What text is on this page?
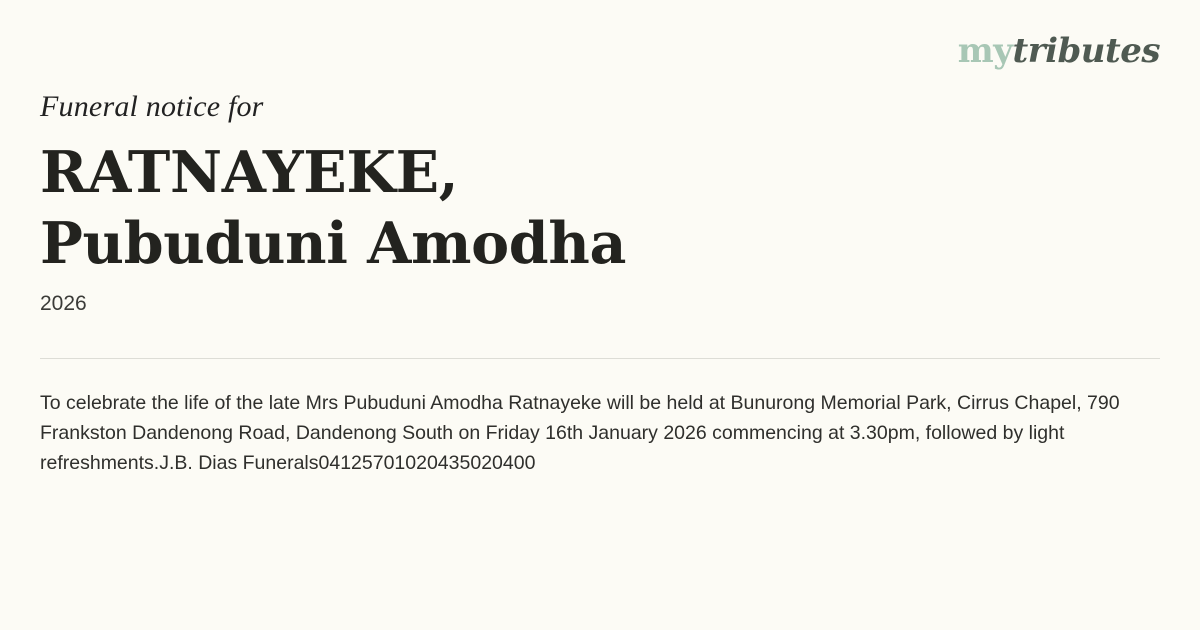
mytributes
Funeral notice for
RATNAYEKE,
Pubuduni Amodha
2026
To celebrate the life of the late Mrs Pubuduni Amodha Ratnayeke will be held at Bunurong Memorial Park, Cirrus Chapel, 790 Frankston Dandenong Road, Dandenong South on Friday 16th January 2026 commencing at 3.30pm, followed by light refreshments.J.B. Dias Funerals04125701020435020400
